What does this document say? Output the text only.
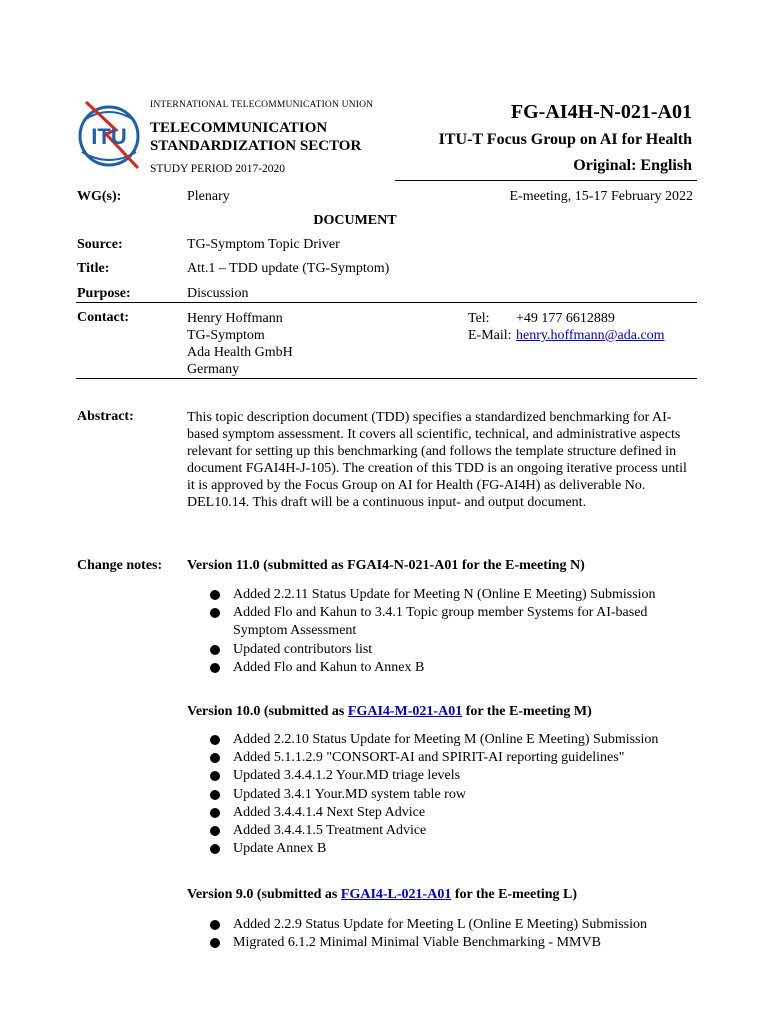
ITU
INTERNATIONAL TELECOMMUNICATION UNION
TELECOMMUNICATION
STANDARDIZATION SECTOR
STUDY PERIOD 2017-2020
FG-AI4H-N-021-A01
ITU-T Focus Group on AI for Health
Original: English
WG(s):	Plenary	E-meeting, 15-17 February 2022
DOCUMENT
Source:	TG-Symptom Topic Driver
Title:	Att.1 – TDD update (TG-Symptom)
Purpose:	Discussion
Contact:	Henry Hoffmann
TG-Symptom
Ada Health GmbH
Germany
Tel: +49 177 6612889
E-Mail: henry.hoffmann@ada.com
Abstract:	This topic description document (TDD) specifies a standardized benchmarking for AI-based symptom assessment. It covers all scientific, technical, and administrative aspects relevant for setting up this benchmarking (and follows the template structure defined in document FGAI4H-J-105). The creation of this TDD is an ongoing iterative process until it is approved by the Focus Group on AI for Health (FG-AI4H) as deliverable No. DEL10.14. This draft will be a continuous input- and output document.
Change notes: Version 11.0 (submitted as FGAI4-N-021-A01 for the E-meeting N)
Added 2.2.11 Status Update for Meeting N (Online E Meeting) Submission
Added Flo and Kahun to 3.4.1 Topic group member Systems for AI-based Symptom Assessment
Updated contributors list
Added Flo and Kahun to Annex B
Version 10.0 (submitted as FGAI4-M-021-A01 for the E-meeting M)
Added 2.2.10 Status Update for Meeting M (Online E Meeting) Submission
Added 5.1.1.2.9 "CONSORT-AI and SPIRIT-AI reporting guidelines"
Updated 3.4.4.1.2 Your.MD triage levels
Updated 3.4.1 Your.MD system table row
Added 3.4.4.1.4 Next Step Advice
Added 3.4.4.1.5 Treatment Advice
Update Annex B
Version 9.0 (submitted as FGAI4-L-021-A01 for the E-meeting L)
Added 2.2.9 Status Update for Meeting L (Online E Meeting) Submission
Migrated 6.1.2 Minimal Minimal Viable Benchmarking - MMVB
